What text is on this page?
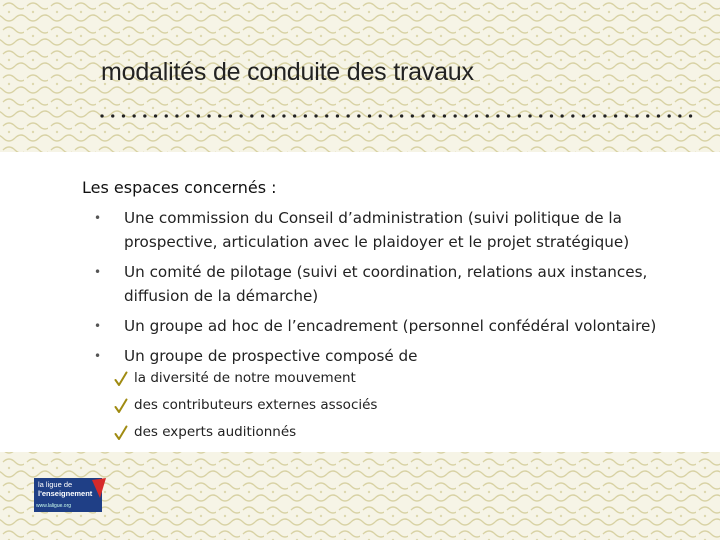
modalités de conduite des travaux
Les espaces concernés :
• Une commission du Conseil d’administration (suivi politique de la prospective, articulation avec le plaidoyer et le projet stratégique)
• Un comité de pilotage (suivi et coordination, relations aux instances, diffusion de la démarche)
• Un groupe ad hoc de l’encadrement (personnel confédéral volontaire)
• Un groupe de prospective composé de
la diversité de notre mouvement
des contributeurs externes associés
des experts auditionnés
la ligue de
l'enseignement
www.laligue.org
